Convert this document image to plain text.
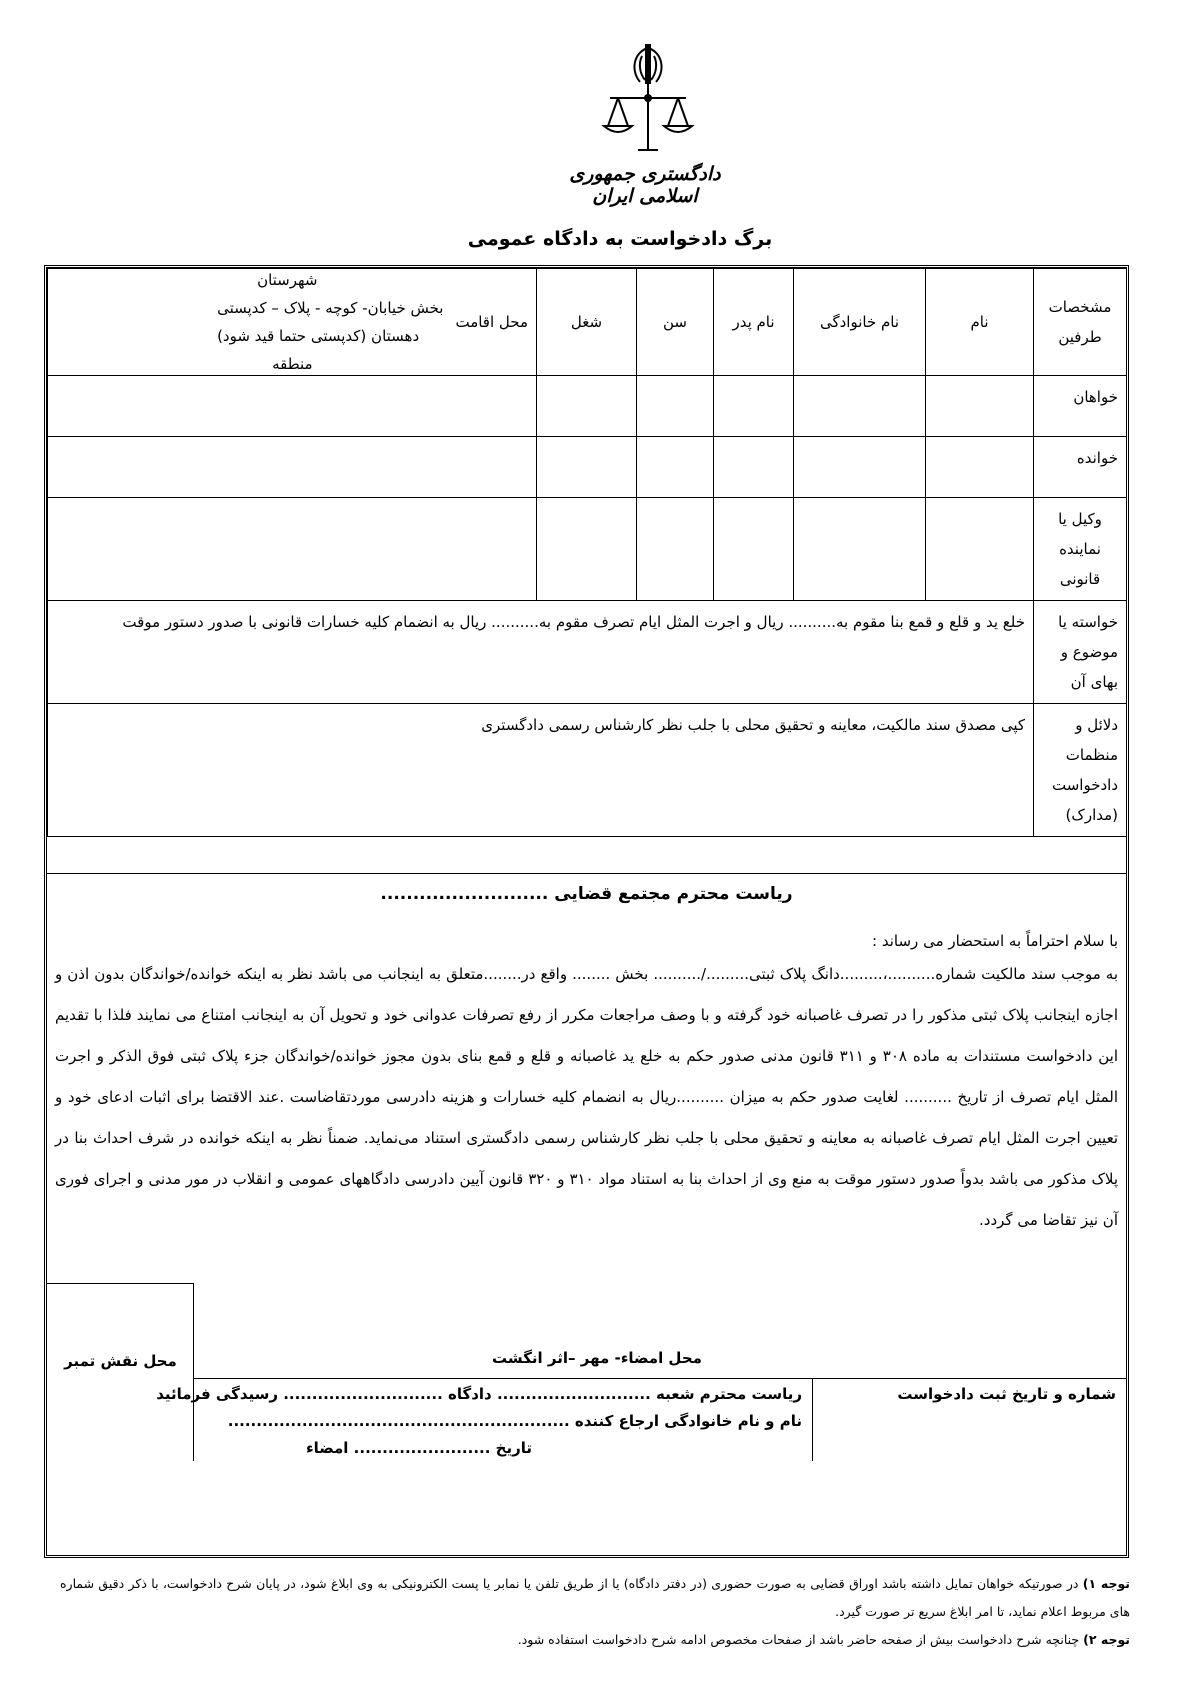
دادگستری جمهوری اسلامی ایران
برگ دادخواست به دادگاه عمومی
مشخصات طرفین	نام	نام خانوادگی	نام پدر	سن	شغل	محل اقامت
شهرستان
بخش خیابان- کوچه - پلاک – کدپستی
دهستان (کدپستی حتما قید شود)
منطقه

خواهان						
خوانده						
وکیل یا نماینده قانونی						
خواسته یا موضوع و بهای آن	خلع ید و قلع و قمع بنا مقوم به.......... ریال و اجرت المثل ایام تصرف مقوم به.......... ریال به انضمام کلیه خسارات قانونی با صدور دستور موقت					
دلائل و منظمات دادخواست (مدارک)	کپی مصدق سند مالکیت، معاینه و تحقیق محلی با جلب نظر کارشناس رسمی دادگستری					
ریاست محترم مجتمع قضایی ..........................
با سلام احتراماً به استحضار می رساند :
به موجب سند مالکیت شماره..........،.........دانگ پلاک ثبتی........./.......... بخش ........ واقع در........متعلق به اینجانب می باشد نظر به اینکه خوانده/خواندگان بدون اذن و اجازه اینجانب پلاک ثبتی مذکور را در تصرف غاصبانه خود گرفته و با وصف مراجعات مکرر از رفع تصرفات عدوانی خود و تحویل آن به اینجانب امتناع می نمایند فلذا با تقدیم این دادخواست مستندات به ماده ۳۰۸ و ۳۱۱ قانون مدنی صدور حکم به خلع ید غاصبانه و قلع و قمع بنای بدون مجوز خوانده/خواندگان جزء پلاک ثبتی فوق الذکر و اجرت المثل ایام تصرف از تاریخ .......... لغایت صدور حکم به میزان ..........ریال به انضمام کلیه خسارات و هزینه دادرسی موردتقاضاست .عند الاقتضا برای اثبات ادعای خود و تعیین اجرت المثل ایام تصرف غاصبانه به معاینه و تحقیق محلی با جلب نظر کارشناس رسمی دادگستری استناد می‌نماید. ضمناً نظر به اینکه خوانده در شرف احداث بنا در پلاک مذکور می باشد بدواً صدور دستور موقت به منع وی از احداث بنا به استناد مواد ۳۱۰ و ۳۲۰ قانون آیین دادرسی دادگاههای عمومی و انقلاب در مور مدنی و اجرای فوری آن نیز تقاضا می گردد.
محل نقش تمبر	محل امضاء- مهر –اثر انگشت
ریاست محترم شعبه ........................... دادگاه ............................ رسیدگی فرمائید
نام و نام خانوادگی ارجاع کننده ............................................................
تاریخ ........................ امضاء
شماره و تاریخ ثبت دادخواست
توجه ۱) در صورتیکه خواهان تمایل داشته باشد اوراق قضایی به صورت حضوری (در دفتر دادگاه) یا از طریق تلفن یا نمابر یا پست الکترونیکی به وی ابلاغ شود، در پایان شرح دادخواست، با ذکر دقیق شماره های مربوط اعلام نماید، تا امر ابلاغ سریع تر صورت گیرد.
توجه ۲) چنانچه شرح دادخواست بیش از صفحه حاضر باشد از صفحات مخصوص ادامه شرح دادخواست استفاده شود.
